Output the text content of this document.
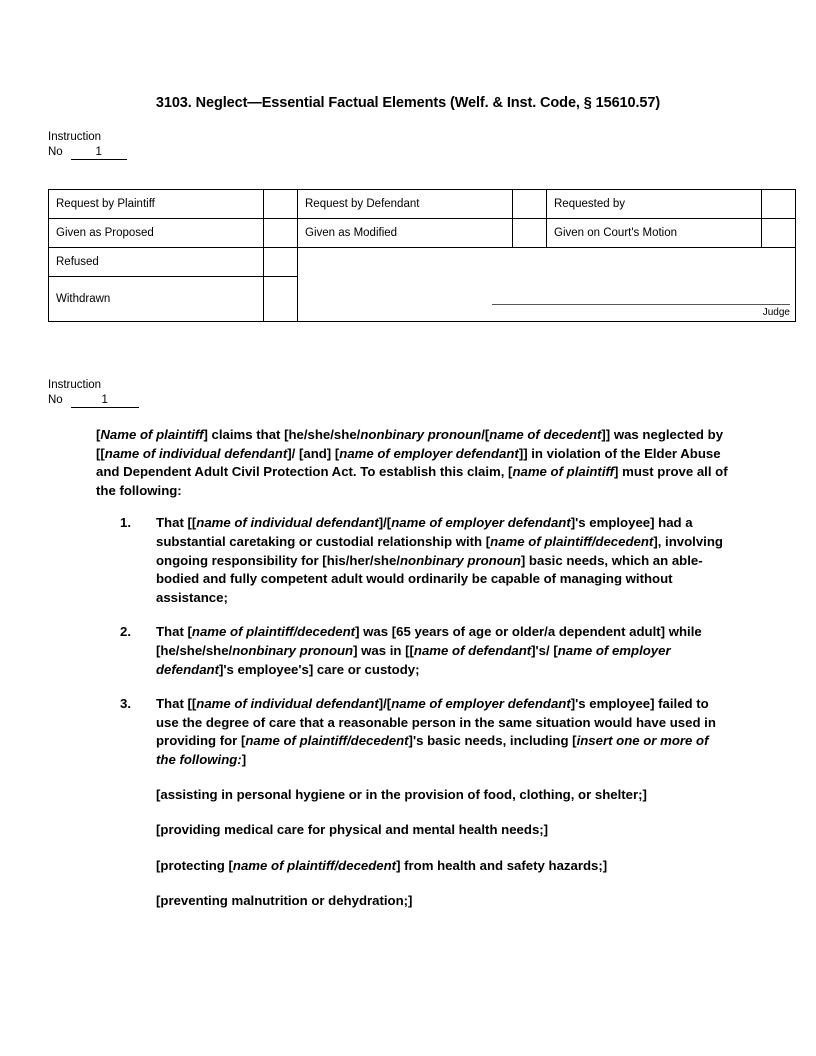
3103. Neglect—Essential Factual Elements (Welf. & Inst. Code, § 15610.57)
Instruction
No	1
Request by Plaintiff		Request by Defendant		Requested by	
Given as Proposed		Given as Modified		Given on Court's Motion	
Refused		Judge			

Withdrawn					
Instruction
No	1

[Name of plaintiff] claims that [he/she/she/nonbinary pronoun/[name of decedent]] was neglected by [[name of individual defendant]/ [and] [name of employer defendant]] in violation of the Elder Abuse and Dependent Adult Civil Protection Act. To establish this claim, [name of plaintiff] must prove all of the following:

1.	That [[name of individual defendant]/[name of employer defendant]'s employee] had a substantial caretaking or custodial relationship with [name of plaintiff/decedent], involving ongoing responsibility for [his/her/she/nonbinary pronoun] basic needs, which an able-bodied and fully competent adult would ordinarily be capable of managing without assistance;
2.	That [name of plaintiff/decedent] was [65 years of age or older/a dependent adult] while [he/she/she/nonbinary pronoun] was in [[name of defendant]'s/ [name of employer defendant]'s employee's] care or custody;
3.	That [[name of individual defendant]/[name of employer defendant]'s employee] failed to use the degree of care that a reasonable person in the same situation would have used in providing for [name of plaintiff/decedent]'s basic needs, including [insert one or more of the following:]
[assisting in personal hygiene or in the provision of food, clothing, or shelter;]
[providing medical care for physical and mental health needs;]
[protecting [name of plaintiff/decedent] from health and safety hazards;]
[preventing malnutrition or dehydration;]
